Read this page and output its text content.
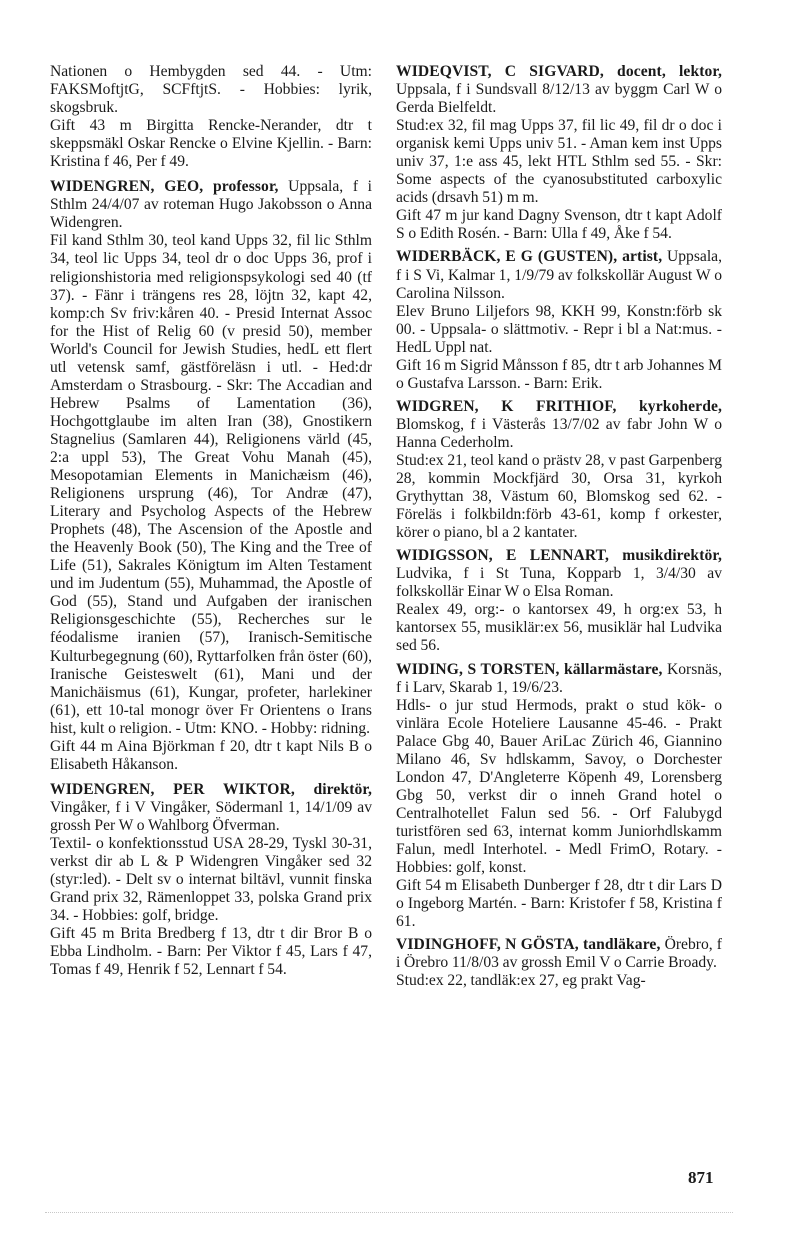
Nationen o Hembygden sed 44. - Utm: FAKSMoftjtG, SCFftjtS. - Hobbies: lyrik, skogsbruk.

Gift 43 m Birgitta Rencke-Nerander, dtr t skeppsmäkl Oskar Rencke o Elvine Kjellin. - Barn: Kristina f 46, Per f 49.

WIDENGREN, GEO, professor, Uppsala, f i Sthlm 24/4/07 av roteman Hugo Jakobsson o Anna Widengren.

Fil kand Sthlm 30, teol kand Upps 32, fil lic Sthlm 34, teol lic Upps 34, teol dr o doc Upps 36, prof i religionshistoria med religionspsykologi sed 40 (tf 37). - Fänr i trängens res 28, löjtn 32, kapt 42, komp:ch Sv friv:kåren 40. - Presid Internat Assoc for the Hist of Relig 60 (v presid 50), member World's Council for Jewish Studies, hedL ett flert utl vetensk samf, gästföreläsn i utl. - Hed:dr Amsterdam o Strasbourg. - Skr: The Accadian and Hebrew Psalms of Lamentation (36), Hochgottglaube im alten Iran (38), Gnostikern Stagnelius (Samlaren 44), Religionens värld (45, 2:a uppl 53), The Great Vohu Manah (45), Mesopotamian Elements in Manichæism (46), Religionens ursprung (46), Tor Andræ (47), Literary and Psycholog Aspects of the Hebrew Prophets (48), The Ascension of the Apostle and the Heavenly Book (50), The King and the Tree of Life (51), Sakrales Königtum im Alten Testament und im Judentum (55), Muhammad, the Apostle of God (55), Stand und Aufgaben der iranischen Religionsgeschichte (55), Recherches sur le féodalisme iranien (57), Iranisch-Semitische Kulturbegegnung (60), Ryttarfolken från öster (60), Iranische Geisteswelt (61), Mani und der Manichäismus (61), Kungar, profeter, harlekiner (61), ett 10-tal monogr över Fr Orientens o Irans hist, kult o religion. - Utm: KNO. - Hobby: ridning.

Gift 44 m Aina Björkman f 20, dtr t kapt Nils B o Elisabeth Håkanson.

WIDENGREN, PER WIKTOR, direktör, Vingåker, f i V Vingåker, Södermanl 1, 14/1/09 av grossh Per W o Wahlborg Öfverman.

Textil- o konfektionsstud USA 28-29, Tyskl 30-31, verkst dir ab L & P Widengren Vingåker sed 32 (styr:led). - Delt sv o internat biltävl, vunnit finska Grand prix 32, Rämenloppet 33, polska Grand prix 34. - Hobbies: golf, bridge.

Gift 45 m Brita Bredberg f 13, dtr t dir Bror B o Ebba Lindholm. - Barn: Per Viktor f 45, Lars f 47, Tomas f 49, Henrik f 52, Lennart f 54.

WIDEQVIST, C SIGVARD, docent, lektor, Uppsala, f i Sundsvall 8/12/13 av byggm Carl W o Gerda Bielfeldt.

Stud:ex 32, fil mag Upps 37, fil lic 49, fil dr o doc i organisk kemi Upps univ 51. - Aman kem inst Upps univ 37, 1:e ass 45, lekt HTL Sthlm sed 55. - Skr: Some aspects of the cyanosubstituted carboxylic acids (drsavh 51) m m.

Gift 47 m jur kand Dagny Svenson, dtr t kapt Adolf S o Edith Rosén. - Barn: Ulla f 49, Åke f 54.

WIDERBÄCK, E G (GUSTEN), artist, Uppsala, f i S Vi, Kalmar 1, 1/9/79 av folkskollär August W o Carolina Nilsson.

Elev Bruno Liljefors 98, KKH 99, Konstn:förb sk 00. - Uppsala- o slättmotiv. - Repr i bl a Nat:mus. - HedL Uppl nat.

Gift 16 m Sigrid Månsson f 85, dtr t arb Johannes M o Gustafva Larsson. - Barn: Erik.

WIDGREN, K FRITHIOF, kyrkoherde, Blomskog, f i Västerås 13/7/02 av fabr John W o Hanna Cederholm.

Stud:ex 21, teol kand o prästv 28, v past Garpenberg 28, kommin Mockfjärd 30, Orsa 31, kyrkoh Grythyttan 38, Västum 60, Blomskog sed 62. - Föreläs i folkbildn:förb 43-61, komp f orkester, körer o piano, bl a 2 kantater.

WIDIGSSON, E LENNART, musikdirektör, Ludvika, f i St Tuna, Kopparb 1, 3/4/30 av folkskollär Einar W o Elsa Roman.

Realex 49, org:- o kantorsex 49, h org:ex 53, h kantorsex 55, musiklär:ex 56, musiklär hal Ludvika sed 56.

WIDING, S TORSTEN, källarmästare, Korsnäs, f i Larv, Skarab 1, 19/6/23.

Hdls- o jur stud Hermods, prakt o stud kök- o vinlära Ecole Hoteliere Lausanne 45-46. - Prakt Palace Gbg 40, Bauer AriLac Zürich 46, Giannino Milano 46, Sv hdlskamm, Savoy, o Dorchester London 47, D'Angleterre Köpenh 49, Lorensberg Gbg 50, verkst dir o inneh Grand hotel o Centralhotellet Falun sed 56. - Orf Falubygd turistfören sed 63, internat komm Juniorhdlskamm Falun, medl Interhotel. - Medl FrimO, Rotary. - Hobbies: golf, konst.

Gift 54 m Elisabeth Dunberger f 28, dtr t dir Lars D o Ingeborg Martén. - Barn: Kristofer f 58, Kristina f 61.

VIDINGHOFF, N GÖSTA, tandläkare, Örebro, f i Örebro 11/8/03 av grossh Emil V o Carrie Broady.

Stud:ex 22, tandläk:ex 27, eg prakt Vag-

871
